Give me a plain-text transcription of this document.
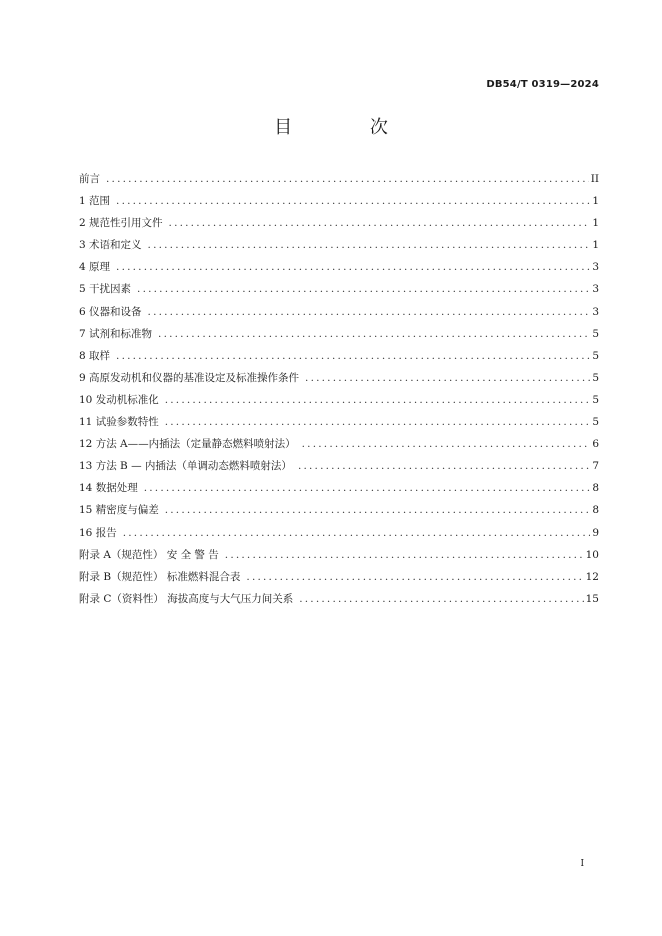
DB54/T 0319—2024
目 次
前言 .....	II
1 范围 .....	1
2 规范性引用文件 .....	1
3 术语和定义 .....	1
4 原理 .....	3
5 干扰因素 .....	3
6 仪器和设备 .....	3
7 试剂和标准物 .....	5
8 取样 .....	5
9 高原发动机和仪器的基准设定及标准操作条件 .....	5
10 发动机标准化 .....	5
11 试验参数特性 .....	5
12 方法 A——内插法（定量静态燃料喷射法） .....	6
13 方法 B — 内插法（单调动态燃料喷射法） .....	7
14 数据处理 .....	8
15 精密度与偏差 .....	8
16 报告 .....	9
附录 A（规范性） 安 全 警 告 .....	10
附录 B（规范性） 标准燃料混合表 .....	12
附录 C（资料性） 海拔高度与大气压力间关系 .....	15
I
